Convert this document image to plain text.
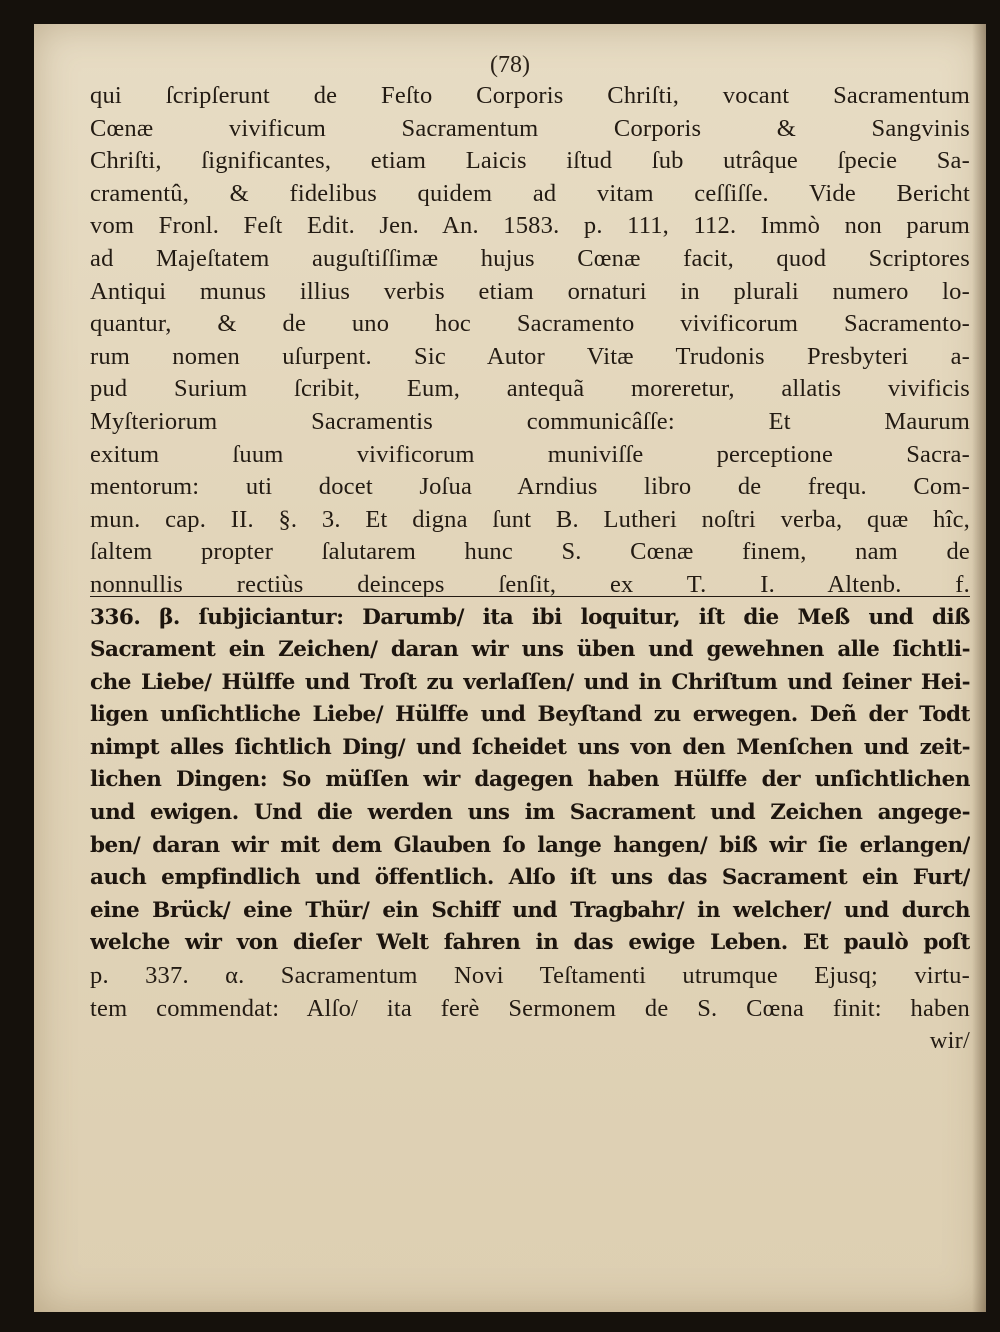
(78)
qui ſcripſerunt de Feſto Corporis Chriſti, vocant Sacramentum
Cœnæ vivificum Sacramentum Corporis & Sangvinis
Chriſti, ſignificantes, etiam Laicis iſtud ſub utrâque ſpecie Sa-
cramentû, & fidelibus quidem ad vitam ceſſiſſe. Vide Bericht
vom Fronl. Feſt Edit. Jen. An. 1583. p. 111, 112. Immò non parum
ad Majeſtatem auguſtiſſimæ hujus Cœnæ facit, quod Scriptores
Antiqui munus illius verbis etiam ornaturi in plurali numero lo-
quantur, & de uno hoc Sacramento vivificorum Sacramento-
rum nomen uſurpent. Sic Autor Vitæ Trudonis Presbyteri a-
pud Surium ſcribit, Eum, antequã moreretur, allatis vivificis
Myſteriorum Sacramentis communicâſſe: Et Maurum
exitum ſuum vivificorum muniviſſe perceptione Sacra-
mentorum: uti docet Joſua Arndius libro de frequ. Com-
mun. cap. II. §. 3. Et digna ſunt B. Lutheri noſtri verba, quæ hîc,
ſaltem propter ſalutarem hunc S. Cœnæ finem, nam de
nonnullis rectiùs deinceps ſenſit, ex T. I. Altenb. f.
336. β. ſubjiciantur: Darumb/ ita ibi loquitur, iſt die Meß und diß
Sacrament ein Zeichen/ daran wir uns üben und gewehnen alle ſichtli-
che Liebe/ Hülffe und Troſt zu verlaſſen/ und in Chriſtum und ſeiner Hei-
ligen unſichtliche Liebe/ Hülffe und Beyſtand zu erwegen. Deñ der Todt
nimpt alles ſichtlich Ding/ und ſcheidet uns von den Menſchen und zeit-
lichen Dingen: So müſſen wir dagegen haben Hülffe der unſichtlichen
und ewigen. Und die werden uns im Sacrament und Zeichen angege-
ben/ daran wir mit dem Glauben ſo lange hangen/ biß wir ſie erlangen/
auch empfindlich und öffentlich. Alſo iſt uns das Sacrament ein Furt/
eine Brück/ eine Thür/ ein Schiff und Tragbahr/ in welcher/ und durch
welche wir von dieſer Welt fahren in das ewige Leben. Et paulò poſt
p. 337. α. Sacramentum Novi Teſtamenti utrumque Ejusq; virtu-
tem commendat: Alſo/ ita ferè Sermonem de S. Cœna finit: haben
wir/
